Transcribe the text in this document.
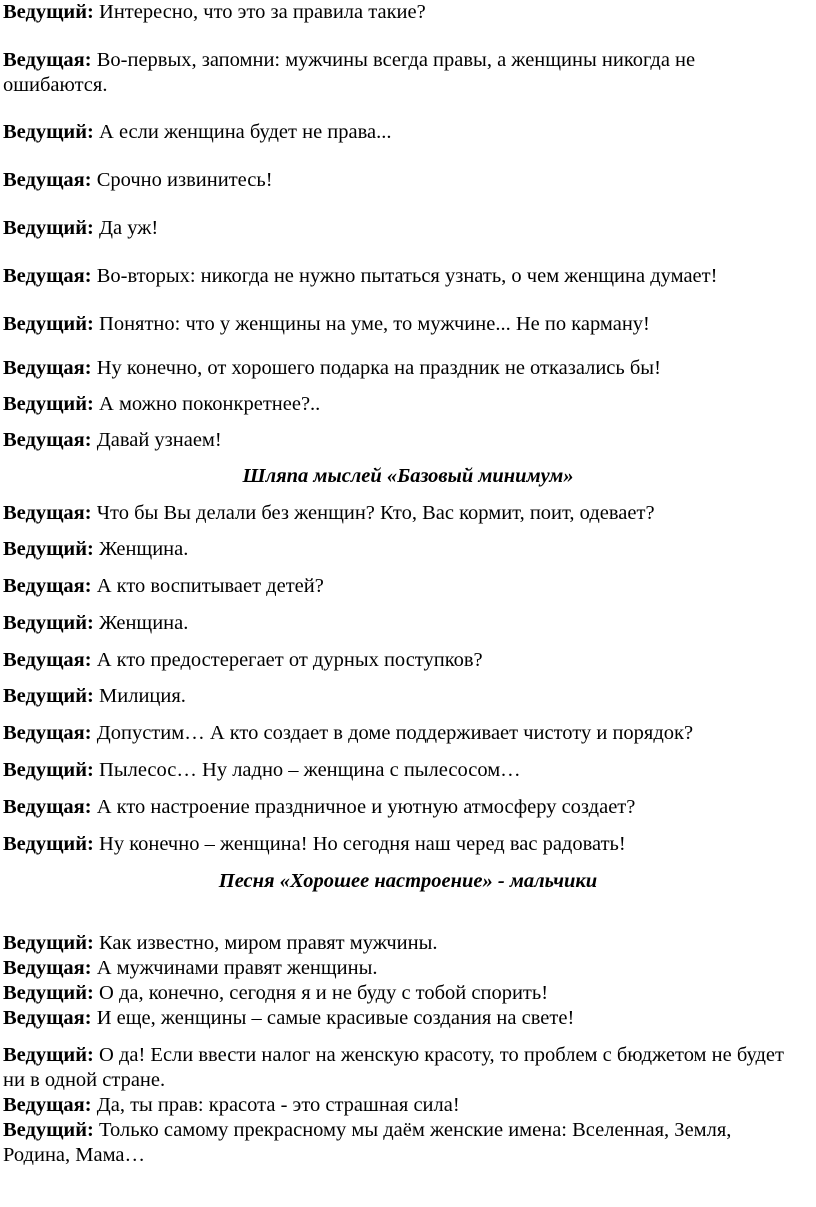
Ведущий: Интересно, что это за правила такие?

Ведущая: Во-первых, запомни: мужчины всегда правы, а женщины никогда не ошибаются.

Ведущий: А если женщина будет не права...

Ведущая: Срочно извинитесь!

Ведущий: Да уж!

Ведущая: Во-вторых: никогда не нужно пытаться узнать, о чем женщина думает!

Ведущий: Понятно: что у женщины на уме, то мужчине... Не по карману!

Ведущая: Ну конечно, от хорошего подарка на праздник не отказались бы!

Ведущий: А можно поконкретнее?..

Ведущая: Давай узнаем!

Шляпа мыслей «Базовый минимум»

Ведущая: Что бы Вы делали без женщин? Кто, Вас кормит, поит, одевает?

Ведущий: Женщина.

Ведущая: А кто воспитывает детей?

Ведущий: Женщина.

Ведущая: А кто предостерегает от дурных поступков?

Ведущий: Милиция.

Ведущая: Допустим… А кто создает в доме поддерживает чистоту и порядок?

Ведущий: Пылесос… Ну ладно – женщина с пылесосом…

Ведущая: А кто настроение праздничное и уютную атмосферу создает?

Ведущий: Ну конечно – женщина! Но сегодня наш черед вас радовать!

Песня «Хорошее настроение» - мальчики

Ведущий: Как известно, миром правят мужчины.

Ведущая: А мужчинами правят женщины.

Ведущий: О да, конечно, сегодня я и не буду с тобой спорить!

Ведущая: И еще, женщины – самые красивые создания на свете!

Ведущий: О да! Если ввести налог на женскую красоту, то проблем с бюджетом не будет ни в одной стране.

Ведущая: Да, ты прав: красота - это страшная сила!

Ведущий: Только самому прекрасному мы даём женские имена: Вселенная, Земля, Родина, Мама…
